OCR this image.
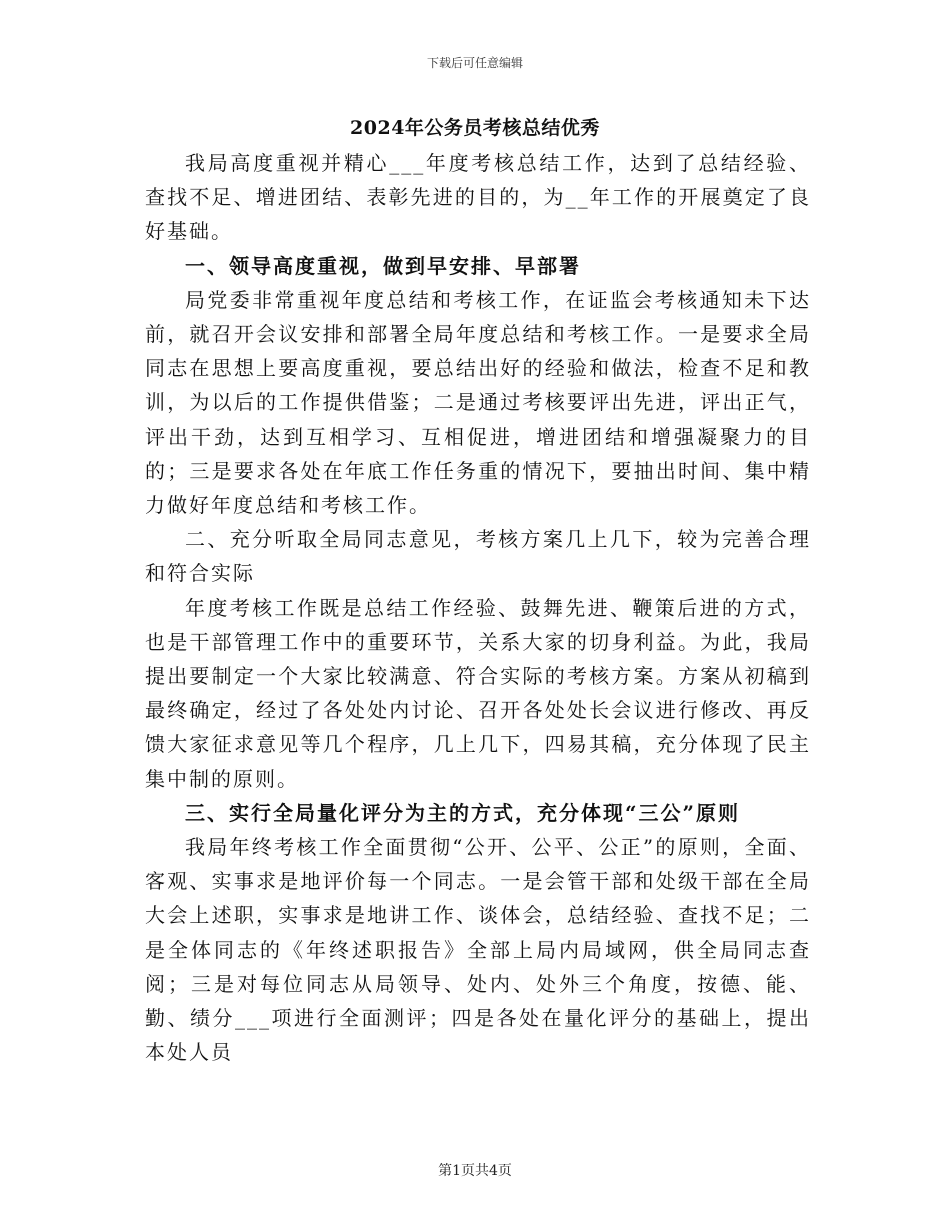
下载后可任意编辑
2024年公务员考核总结优秀

我局高度重视并精心___年度考核总结工作，达到了总结经验、查找不足、增进团结、表彰先进的目的，为__年工作的开展奠定了良好基础。

一、领导高度重视，做到早安排、早部署

局党委非常重视年度总结和考核工作，在证监会考核通知未下达前，就召开会议安排和部署全局年度总结和考核工作。一是要求全局同志在思想上要高度重视，要总结出好的经验和做法，检查不足和教训，为以后的工作提供借鉴；二是通过考核要评出先进，评出正气，评出干劲，达到互相学习、互相促进，增进团结和增强凝聚力的目的；三是要求各处在年底工作任务重的情况下，要抽出时间、集中精力做好年度总结和考核工作。

二、充分听取全局同志意见，考核方案几上几下，较为完善合理和符合实际

年度考核工作既是总结工作经验、鼓舞先进、鞭策后进的方式，也是干部管理工作中的重要环节，关系大家的切身利益。为此，我局提出要制定一个大家比较满意、符合实际的考核方案。方案从初稿到最终确定，经过了各处处内讨论、召开各处处长会议进行修改、再反馈大家征求意见等几个程序，几上几下，四易其稿，充分体现了民主集中制的原则。

三、实行全局量化评分为主的方式，充分体现“三公”原则

我局年终考核工作全面贯彻“公开、公平、公正”的原则，全面、客观、实事求是地评价每一个同志。一是会管干部和处级干部在全局大会上述职，实事求是地讲工作、谈体会，总结经验、查找不足；二是全体同志的《年终述职报告》全部上局内局域网，供全局同志查阅；三是对每位同志从局领导、处内、处外三个角度，按德、能、勤、绩分___项进行全面测评；四是各处在量化评分的基础上，提出本处人员

第1页共4页
